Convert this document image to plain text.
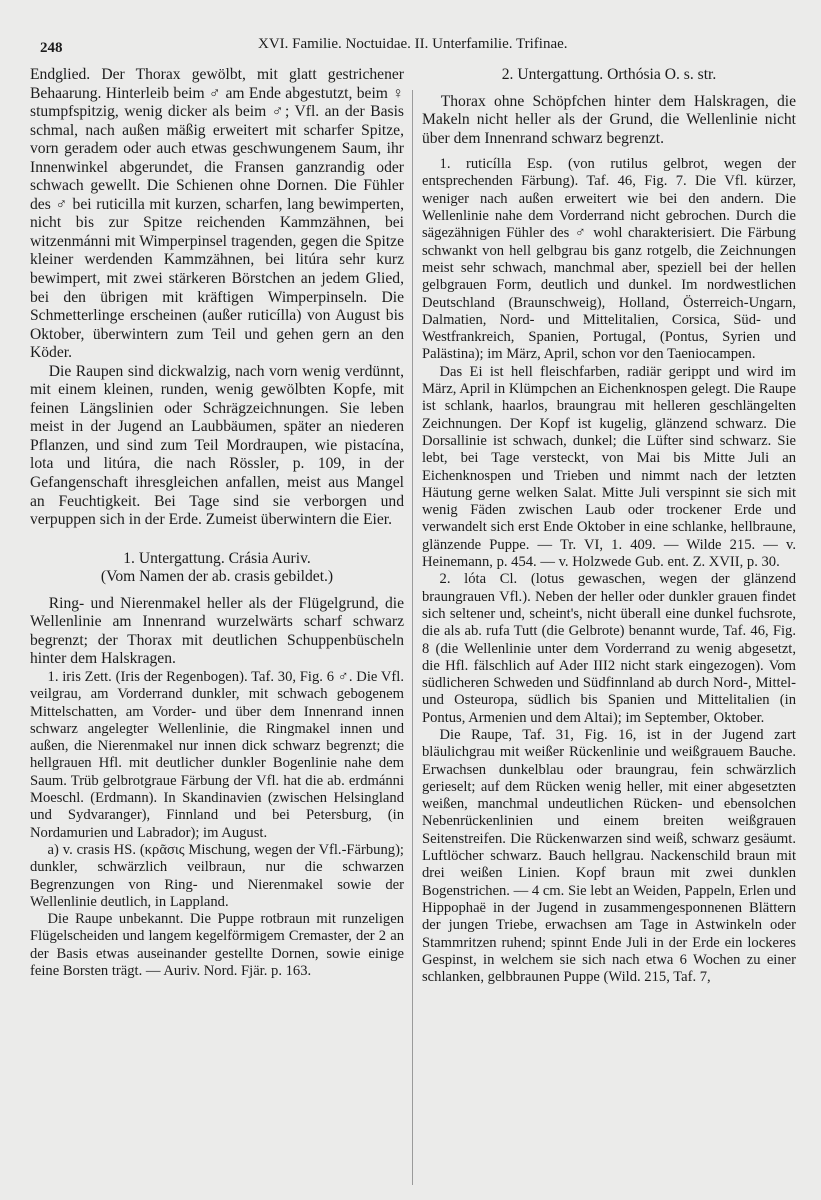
248	XVI. Familie. Noctuidae. II. Unterfamilie. Trifinae.

Endglied. Der Thorax gewölbt, mit glatt gestrichener Behaarung. Hinterleib beim ♂ am Ende abgestutzt, beim ♀ stumpfspitzig, wenig dicker als beim ♂; Vfl. an der Basis schmal, nach außen mäßig erweitert mit scharfer Spitze, vorn geradem oder auch etwas geschwungenem Saum, ihr Innenwinkel abgerundet, die Fransen ganzrandig oder schwach gewellt. Die Schienen ohne Dornen. Die Fühler des ♂ bei ruticilla mit kurzen, scharfen, lang bewimperten, nicht bis zur Spitze reichenden Kammzähnen, bei witzenmánni mit Wimperpinsel tragenden, gegen die Spitze kleiner werdenden Kammzähnen, bei litúra sehr kurz bewimpert, mit zwei stärkeren Börstchen an jedem Glied, bei den übrigen mit kräftigen Wimperpinseln. Die Schmetterlinge erscheinen (außer ruticílla) von August bis Oktober, überwintern zum Teil und gehen gern an den Köder.

Die Raupen sind dickwalzig, nach vorn wenig verdünnt, mit einem kleinen, runden, wenig gewölbten Kopfe, mit feinen Längslinien oder Schrägzeichnungen. Sie leben meist in der Jugend an Laubbäumen, später an niederen Pflanzen, und sind zum Teil Mordraupen, wie pistacína, lota und litúra, die nach Rössler, p. 109, in der Gefangenschaft ihresgleichen anfallen, meist aus Mangel an Feuchtigkeit. Bei Tage sind sie verborgen und verpuppen sich in der Erde. Zumeist überwintern die Eier.

1. Untergattung. Crásia Auriv.

(Vom Namen der ab. crasis gebildet.)

Ring- und Nierenmakel heller als der Flügelgrund, die Wellenlinie am Innenrand wurzelwärts scharf schwarz begrenzt; der Thorax mit deutlichen Schuppenbüscheln hinter dem Halskragen.

1. iris Zett. (Iris der Regenbogen). Taf. 30, Fig. 6 ♂. Die Vfl. veilgrau, am Vorderrand dunkler, mit schwach gebogenem Mittelschatten, am Vorder- und über dem Innenrand innen schwarz angelegter Wellenlinie, die Ringmakel innen und außen, die Nierenmakel nur innen dick schwarz begrenzt; die hellgrauen Hfl. mit deutlicher dunkler Bogenlinie nahe dem Saum. Trüb gelbrotgraue Färbung der Vfl. hat die ab. erdmánni Moeschl. (Erdmann). In Skandinavien (zwischen Helsingland und Sydvaranger), Finnland und bei Petersburg, (in Nordamurien und Labrador); im August.

a) v. crasis HS. (κρᾶσις Mischung, wegen der Vfl.-Färbung); dunkler, schwärzlich veilbraun, nur die schwarzen Begrenzungen von Ring- und Nierenmakel sowie der Wellenlinie deutlich, in Lappland.

Die Raupe unbekannt. Die Puppe rotbraun mit runzeligen Flügelscheiden und langem kegelförmigem Cremaster, der 2 an der Basis etwas auseinander gestellte Dornen, sowie einige feine Borsten trägt. — Auriv. Nord. Fjär. p. 163.

2. Untergattung. Orthósia O. s. str.

Thorax ohne Schöpfchen hinter dem Halskragen, die Makeln nicht heller als der Grund, die Wellenlinie nicht über dem Innenrand schwarz begrenzt.

1. ruticílla Esp. (von rutilus gelbrot, wegen der entsprechenden Färbung). Taf. 46, Fig. 7. Die Vfl. kürzer, weniger nach außen erweitert wie bei den andern. Die Wellenlinie nahe dem Vorderrand nicht gebrochen. Durch die sägezähnigen Fühler des ♂ wohl charakterisiert. Die Färbung schwankt von hell gelbgrau bis ganz rotgelb, die Zeichnungen meist sehr schwach, manchmal aber, speziell bei der hellen gelbgrauen Form, deutlich und dunkel. Im nordwestlichen Deutschland (Braunschweig), Holland, Österreich-Ungarn, Dalmatien, Nord- und Mittelitalien, Corsica, Süd- und Westfrankreich, Spanien, Portugal, (Pontus, Syrien und Palästina); im März, April, schon vor den Taeniocampen.

Das Ei ist hell fleischfarben, radiär gerippt und wird im März, April in Klümpchen an Eichenknospen gelegt. Die Raupe ist schlank, haarlos, braungrau mit helleren geschlängelten Zeichnungen. Der Kopf ist kugelig, glänzend schwarz. Die Dorsallinie ist schwach, dunkel; die Lüfter sind schwarz. Sie lebt, bei Tage versteckt, von Mai bis Mitte Juli an Eichenknospen und Trieben und nimmt nach der letzten Häutung gerne welken Salat. Mitte Juli verspinnt sie sich mit wenig Fäden zwischen Laub oder trockener Erde und verwandelt sich erst Ende Oktober in eine schlanke, hellbraune, glänzende Puppe. — Tr. VI, 1. 409. — Wilde 215. — v. Heinemann, p. 454. — v. Holzwede Gub. ent. Z. XVII, p. 30.

2. lóta Cl. (lotus gewaschen, wegen der glänzend braungrauen Vfl.). Neben der heller oder dunkler grauen findet sich seltener und, scheint's, nicht überall eine dunkel fuchsrote, die als ab. rufa Tutt (die Gelbrote) benannt wurde, Taf. 46, Fig. 8 (die Wellenlinie unter dem Vorderrand zu wenig abgesetzt, die Hfl. fälschlich auf Ader III2 nicht stark eingezogen). Vom südlicheren Schweden und Südfinnland ab durch Nord-, Mittel- und Osteuropa, südlich bis Spanien und Mittelitalien (in Pontus, Armenien und dem Altai); im September, Oktober.

Die Raupe, Taf. 31, Fig. 16, ist in der Jugend zart bläulichgrau mit weißer Rückenlinie und weißgrauem Bauche. Erwachsen dunkelblau oder braungrau, fein schwärzlich gerieselt; auf dem Rücken wenig heller, mit einer abgesetzten weißen, manchmal undeutlichen Rücken- und ebensolchen Nebenrückenlinien und einem breiten weißgrauen Seitenstreifen. Die Rückenwarzen sind weiß, schwarz gesäumt. Luftlöcher schwarz. Bauch hellgrau. Nackenschild braun mit drei weißen Linien. Kopf braun mit zwei dunklen Bogenstrichen. — 4 cm. Sie lebt an Weiden, Pappeln, Erlen und Hippophaë in der Jugend in zusammengesponnenen Blättern der jungen Triebe, erwachsen am Tage in Astwinkeln oder Stammritzen ruhend; spinnt Ende Juli in der Erde ein lockeres Gespinst, in welchem sie sich nach etwa 6 Wochen zu einer schlanken, gelbbraunen Puppe (Wild. 215, Taf. 7,
